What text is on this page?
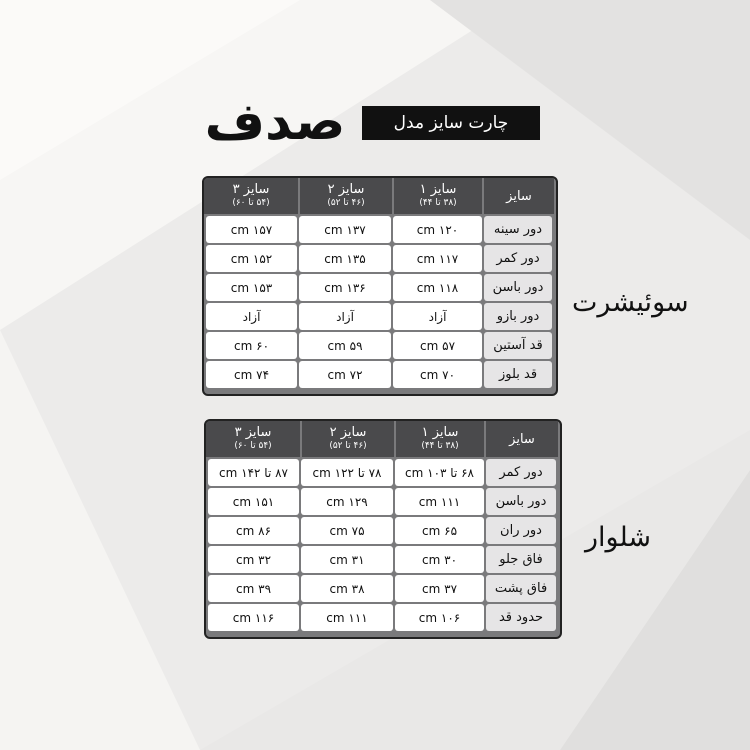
صدف	چارت سایز مدل
سوئیشرت
شلوار
سایز
سایز ۱
(۳۸ تا ۴۴)
سایز ۲
(۴۶ تا ۵۲)
سایز ۳
(۵۴ تا ۶۰)
دور سینه
۱۲۰ cm
۱۳۷ cm
۱۵۷ cm
دور کمر
۱۱۷ cm
۱۳۵ cm
۱۵۲ cm
دور باسن
۱۱۸ cm
۱۳۶ cm
۱۵۳ cm
دور بازو
آزاد
آزاد
آزاد
قد آستین
۵۷ cm
۵۹ cm
۶۰ cm
قد بلوز
۷۰ cm
۷۲ cm
۷۴ cm
سایز
سایز ۱
(۳۸ تا ۴۴)
سایز ۲
(۴۶ تا ۵۲)
سایز ۳
(۵۴ تا ۶۰)
دور کمر
۶۸ تا ۱۰۳ cm
۷۸ تا ۱۲۲ cm
۸۷ تا ۱۴۲ cm
دور باسن
۱۱۱ cm
۱۲۹ cm
۱۵۱ cm
دور ران
۶۵ cm
۷۵ cm
۸۶ cm
فاق جلو
۳۰ cm
۳۱ cm
۳۲ cm
فاق پشت
۳۷ cm
۳۸ cm
۳۹ cm
حدود قد
۱۰۶ cm
۱۱۱ cm
۱۱۶ cm
